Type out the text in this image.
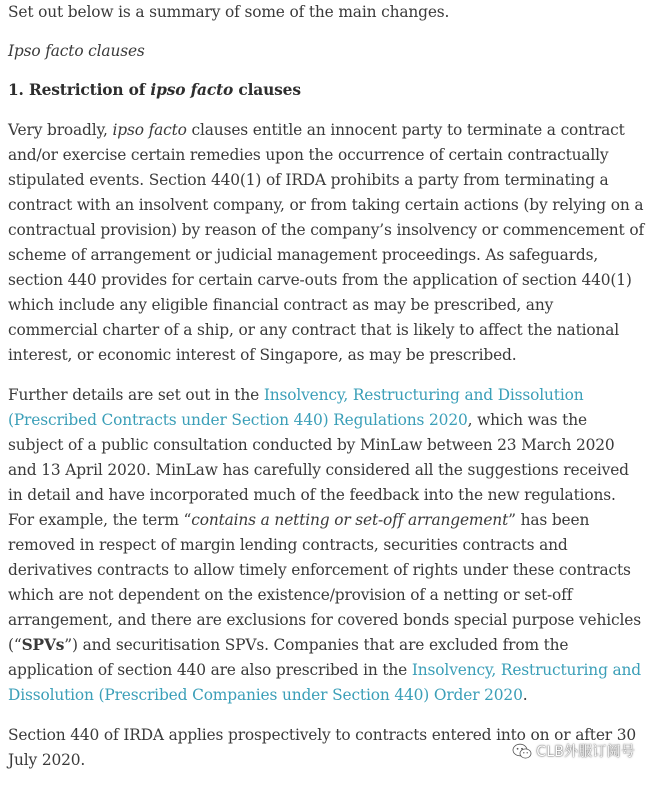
Set out below is a summary of some of the main changes.

Ipso facto clauses

1. Restriction of ipso facto clauses

Very broadly, ipso facto clauses entitle an innocent party to terminate a contract and/or exercise certain remedies upon the occurrence of certain contractually stipulated events. Section 440(1) of IRDA prohibits a party from terminating a contract with an insolvent company, or from taking certain actions (by relying on a contractual provision) by reason of the company’s insolvency or commencement of scheme of arrangement or judicial management proceedings. As safeguards, section 440 provides for certain carve-outs from the application of section 440(1) which include any eligible financial contract as may be prescribed, any commercial charter of a ship, or any contract that is likely to affect the national interest, or economic interest of Singapore, as may be prescribed.

Further details are set out in the Insolvency, Restructuring and Dissolution (Prescribed Contracts under Section 440) Regulations 2020, which was the subject of a public consultation conducted by MinLaw between 23 March 2020 and 13 April 2020. MinLaw has carefully considered all the suggestions received in detail and have incorporated much of the feedback into the new regulations. For example, the term “contains a netting or set-off arrangement” has been removed in respect of margin lending contracts, securities contracts and derivatives contracts to allow timely enforcement of rights under these contracts which are not dependent on the existence/provision of a netting or set-off arrangement, and there are exclusions for covered bonds special purpose vehicles (“SPVs”) and securitisation SPVs. Companies that are excluded from the application of section 440 are also prescribed in the Insolvency, Restructuring and Dissolution (Prescribed Companies under Section 440) Order 2020.

Section 440 of IRDA applies prospectively to contracts entered into on or after 30 July 2020.	CLB外服订阅号
